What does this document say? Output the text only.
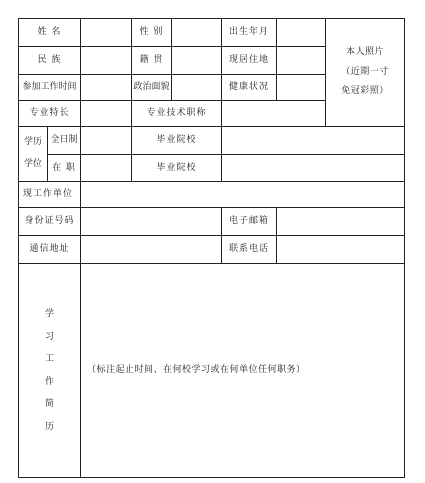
姓 名	性 别	出生年月
本人照片
（近期一寸
免冠彩照）
民 族	籍 贯	现居住地
参加工作时间	政治面貌	健康状况
专业特长	专业技术职称
学历
学位
全日制	毕业院校
在 职	毕业院校
现工作单位
身份证号码	电子邮箱
通信地址	联系电话
学
习
工
作
简
历
（标注起止时间、在何校学习或在何单位任何职务）
